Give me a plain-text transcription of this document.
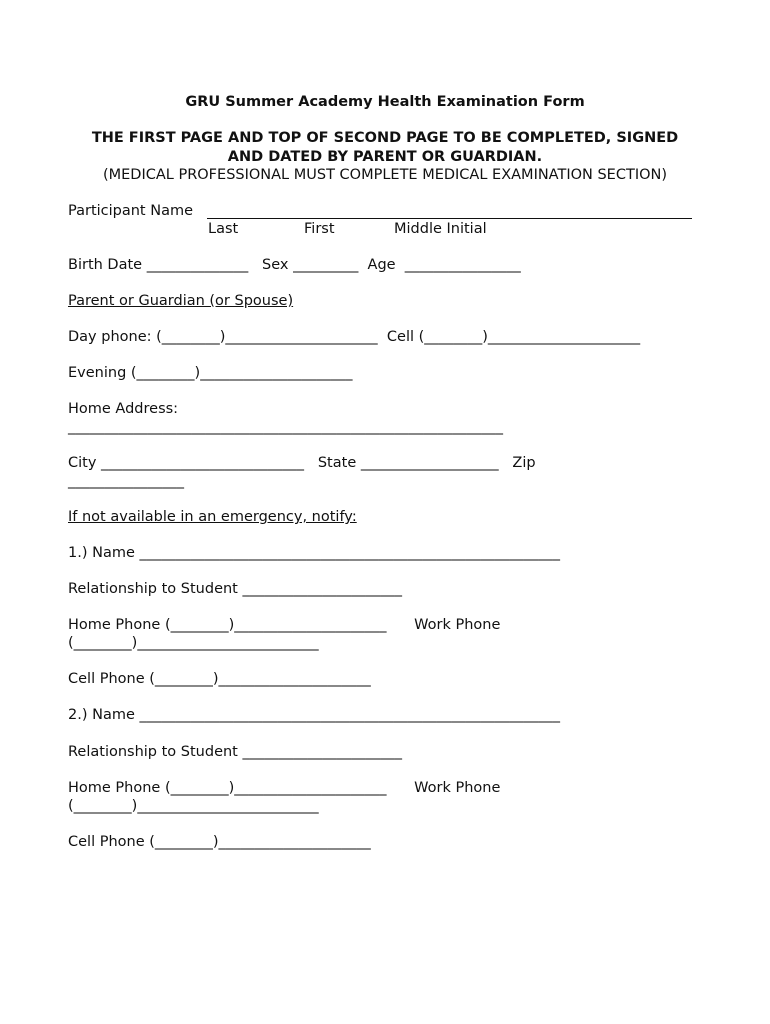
GRU Summer Academy Health Examination Form
THE FIRST PAGE AND TOP OF SECOND PAGE TO BE COMPLETED, SIGNED
AND DATED BY PARENT OR GUARDIAN.
(MEDICAL PROFESSIONAL MUST COMPLETE MEDICAL EXAMINATION SECTION)
Participant Name
Last	First	Middle Initial
Birth Date ______________   Sex _________  Age  ________________
Parent or Guardian (or Spouse)
Day phone: (________)_____________________  Cell (________)_____________________
Evening (________)_____________________
Home Address:
____________________________________________________________
City ____________________________   State ___________________   Zip
________________
If not available in an emergency, notify:
1.) Name __________________________________________________________
Relationship to Student ______________________
Home Phone (________)_____________________      Work Phone
(________)_________________________
Cell Phone (________)_____________________
2.) Name __________________________________________________________
Relationship to Student ______________________
Home Phone (________)_____________________      Work Phone
(________)_________________________
Cell Phone (________)_____________________
